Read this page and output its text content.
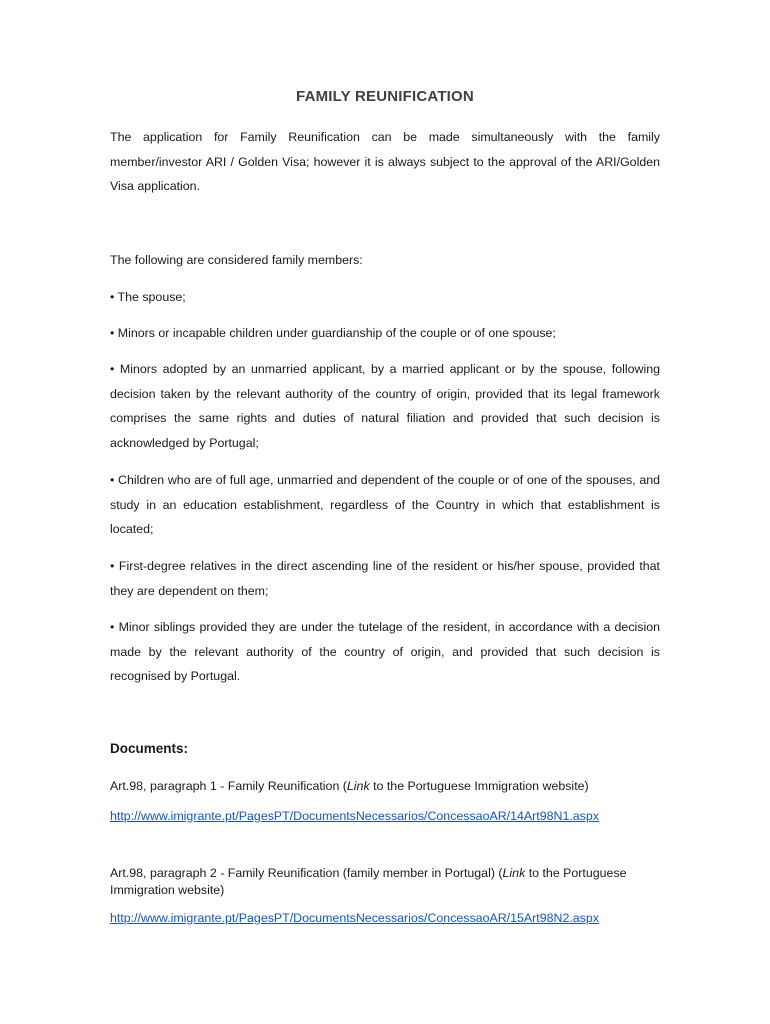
FAMILY REUNIFICATION
The application for Family Reunification can be made simultaneously with the family member/investor ARI / Golden Visa; however it is always subject to the approval of the ARI/Golden Visa application.
The following are considered family members:
• The spouse;
• Minors or incapable children under guardianship of the couple or of one spouse;
• Minors adopted by an unmarried applicant, by a married applicant or by the spouse, following decision taken by the relevant authority of the country of origin, provided that its legal framework comprises the same rights and duties of natural filiation and provided that such decision is acknowledged by Portugal;
• Children who are of full age, unmarried and dependent of the couple or of one of the spouses, and study in an education establishment, regardless of the Country in which that establishment is located;
• First-degree relatives in the direct ascending line of the resident or his/her spouse, provided that they are dependent on them;
• Minor siblings provided they are under the tutelage of the resident, in accordance with a decision made by the relevant authority of the country of origin, and provided that such decision is recognised by Portugal.
Documents:
Art.98, paragraph 1 - Family Reunification (Link to the Portuguese Immigration website)
http://www.imigrante.pt/PagesPT/DocumentsNecessarios/ConcessaoAR/14Art98N1.aspx
Art.98, paragraph 2 - Family Reunification (family member in Portugal) (Link to the Portuguese Immigration website)
http://www.imigrante.pt/PagesPT/DocumentsNecessarios/ConcessaoAR/15Art98N2.aspx
